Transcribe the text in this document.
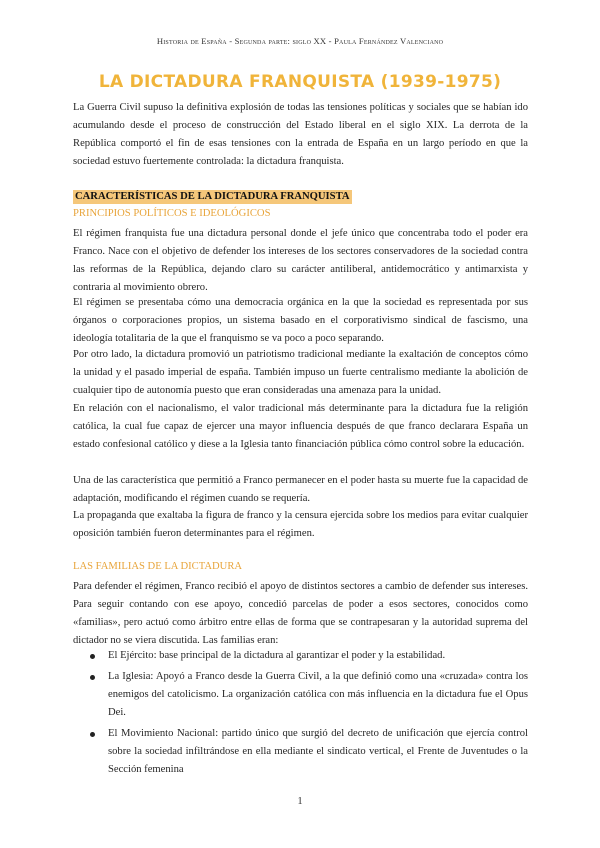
Historia de España - Segunda parte: siglo XX - Paula Fernández Valenciano
LA DICTADURA FRANQUISTA (1939-1975)

La Guerra Civil supuso la definitiva explosión de todas las tensiones políticas y sociales que se habían ido acumulando desde el proceso de construcción del Estado liberal en el siglo XIX. La derrota de la República comportó el fin de esas tensiones con la entrada de España en un largo período en que la sociedad estuvo fuertemente controlada: la dictadura franquista.

CARACTERÍSTICAS DE LA DICTADURA FRANQUISTA
PRINCIPIOS POLÍTICOS E IDEOLÓGICOS

El régimen franquista fue una dictadura personal donde el jefe único que concentraba todo el poder era Franco. Nace con el objetivo de defender los intereses de los sectores conservadores de la sociedad contra las reformas de la República, dejando claro su carácter antiliberal, antidemocrático y antimarxista y contraria al movimiento obrero.

El régimen se presentaba cómo una democracia orgánica en la que la sociedad es representada por sus órganos o corporaciones propios, un sistema basado en el corporativismo sindical de fascismo, una ideología totalitaria de la que el franquismo se va poco a poco separando.

Por otro lado, la dictadura promovió un patriotismo tradicional mediante la exaltación de conceptos cómo la unidad y el pasado imperial de españa. También impuso un fuerte centralismo mediante la abolición de cualquier tipo de autonomía puesto que eran consideradas una amenaza para la unidad.

En relación con el nacionalismo, el valor tradicional más determinante para la dictadura fue la religión católica, la cual fue capaz de ejercer una mayor influencia después de que franco declarara España un estado confesional católico y diese a la Iglesia tanto financiación pública cómo control sobre la educación.

Una de las característica que permitió a Franco permanecer en el poder hasta su muerte fue la capacidad de adaptación, modificando el régimen cuando se requería.

La propaganda que exaltaba la figura de franco y la censura ejercida sobre los medios para evitar cualquier oposición también fueron determinantes para el régimen.

LAS FAMILIAS DE LA DICTADURA

Para defender el régimen, Franco recibió el apoyo de distintos sectores a cambio de defender sus intereses. Para seguir contando con ese apoyo, concedió parcelas de poder a esos sectores, conocidos como «familias», pero actuó como árbitro entre ellas de forma que se contrapesaran y la autoridad suprema del dictador no se viera discutida. Las familias eran:

El Ejército: base principal de la dictadura al garantizar el poder y la estabilidad.
La Iglesia: Apoyó a Franco desde la Guerra Civil, a la que definió como una «cruzada» contra los enemigos del catolicismo. La organización católica con más influencia en la dictadura fue el Opus Dei.
El Movimiento Nacional: partido único que surgió del decreto de unificación que ejercía control sobre la sociedad infiltrándose en ella mediante el sindicato vertical, el Frente de Juventudes o la Sección femenina
1
